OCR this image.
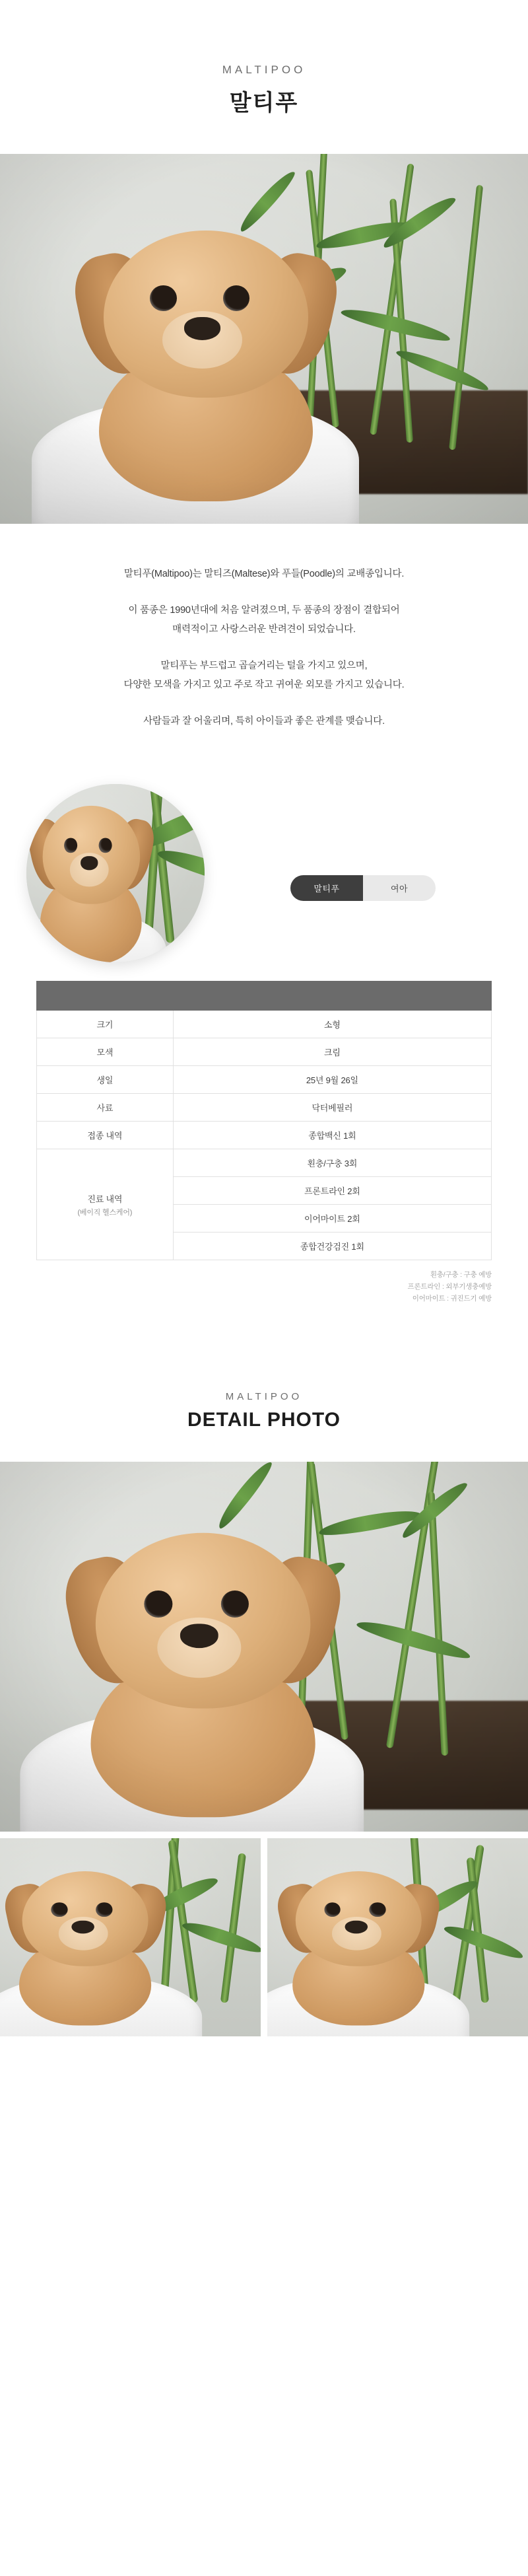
MALTIPOO
말티푸

말티푸(Maltipoo)는 말티즈(Maltese)와 푸들(Poodle)의 교배종입니다.

이 품종은 1990년대에 처음 알려졌으며, 두 품종의 장점이 결합되어
매력적이고 사랑스러운 반려견이 되었습니다.

말티푸는 부드럽고 곱슬거리는 털을 가지고 있으며,
다양한 모색을 가지고 있고 주로 작고 귀여운 외모를 가지고 있습니다.

사람들과 잘 어울리며, 특히 아이들과 좋은 관계를 맺습니다.

말티푸	여아

크기	소형
모색	크림
생일	25년 9월 26일
사료	닥터베필러
접종 내역	종합백신 1회
진료 내역
(베이직 헬스케어)	횐충/구충 3회
	프론트라인 2회
	이어마이트 2회
	종합건강검진 1회
횐충/구충 : 구충 예방
프론트라인 : 외부기생충예방
이어마이트 : 귀진드기 예방
MALTIPOO
DETAIL PHOTO
